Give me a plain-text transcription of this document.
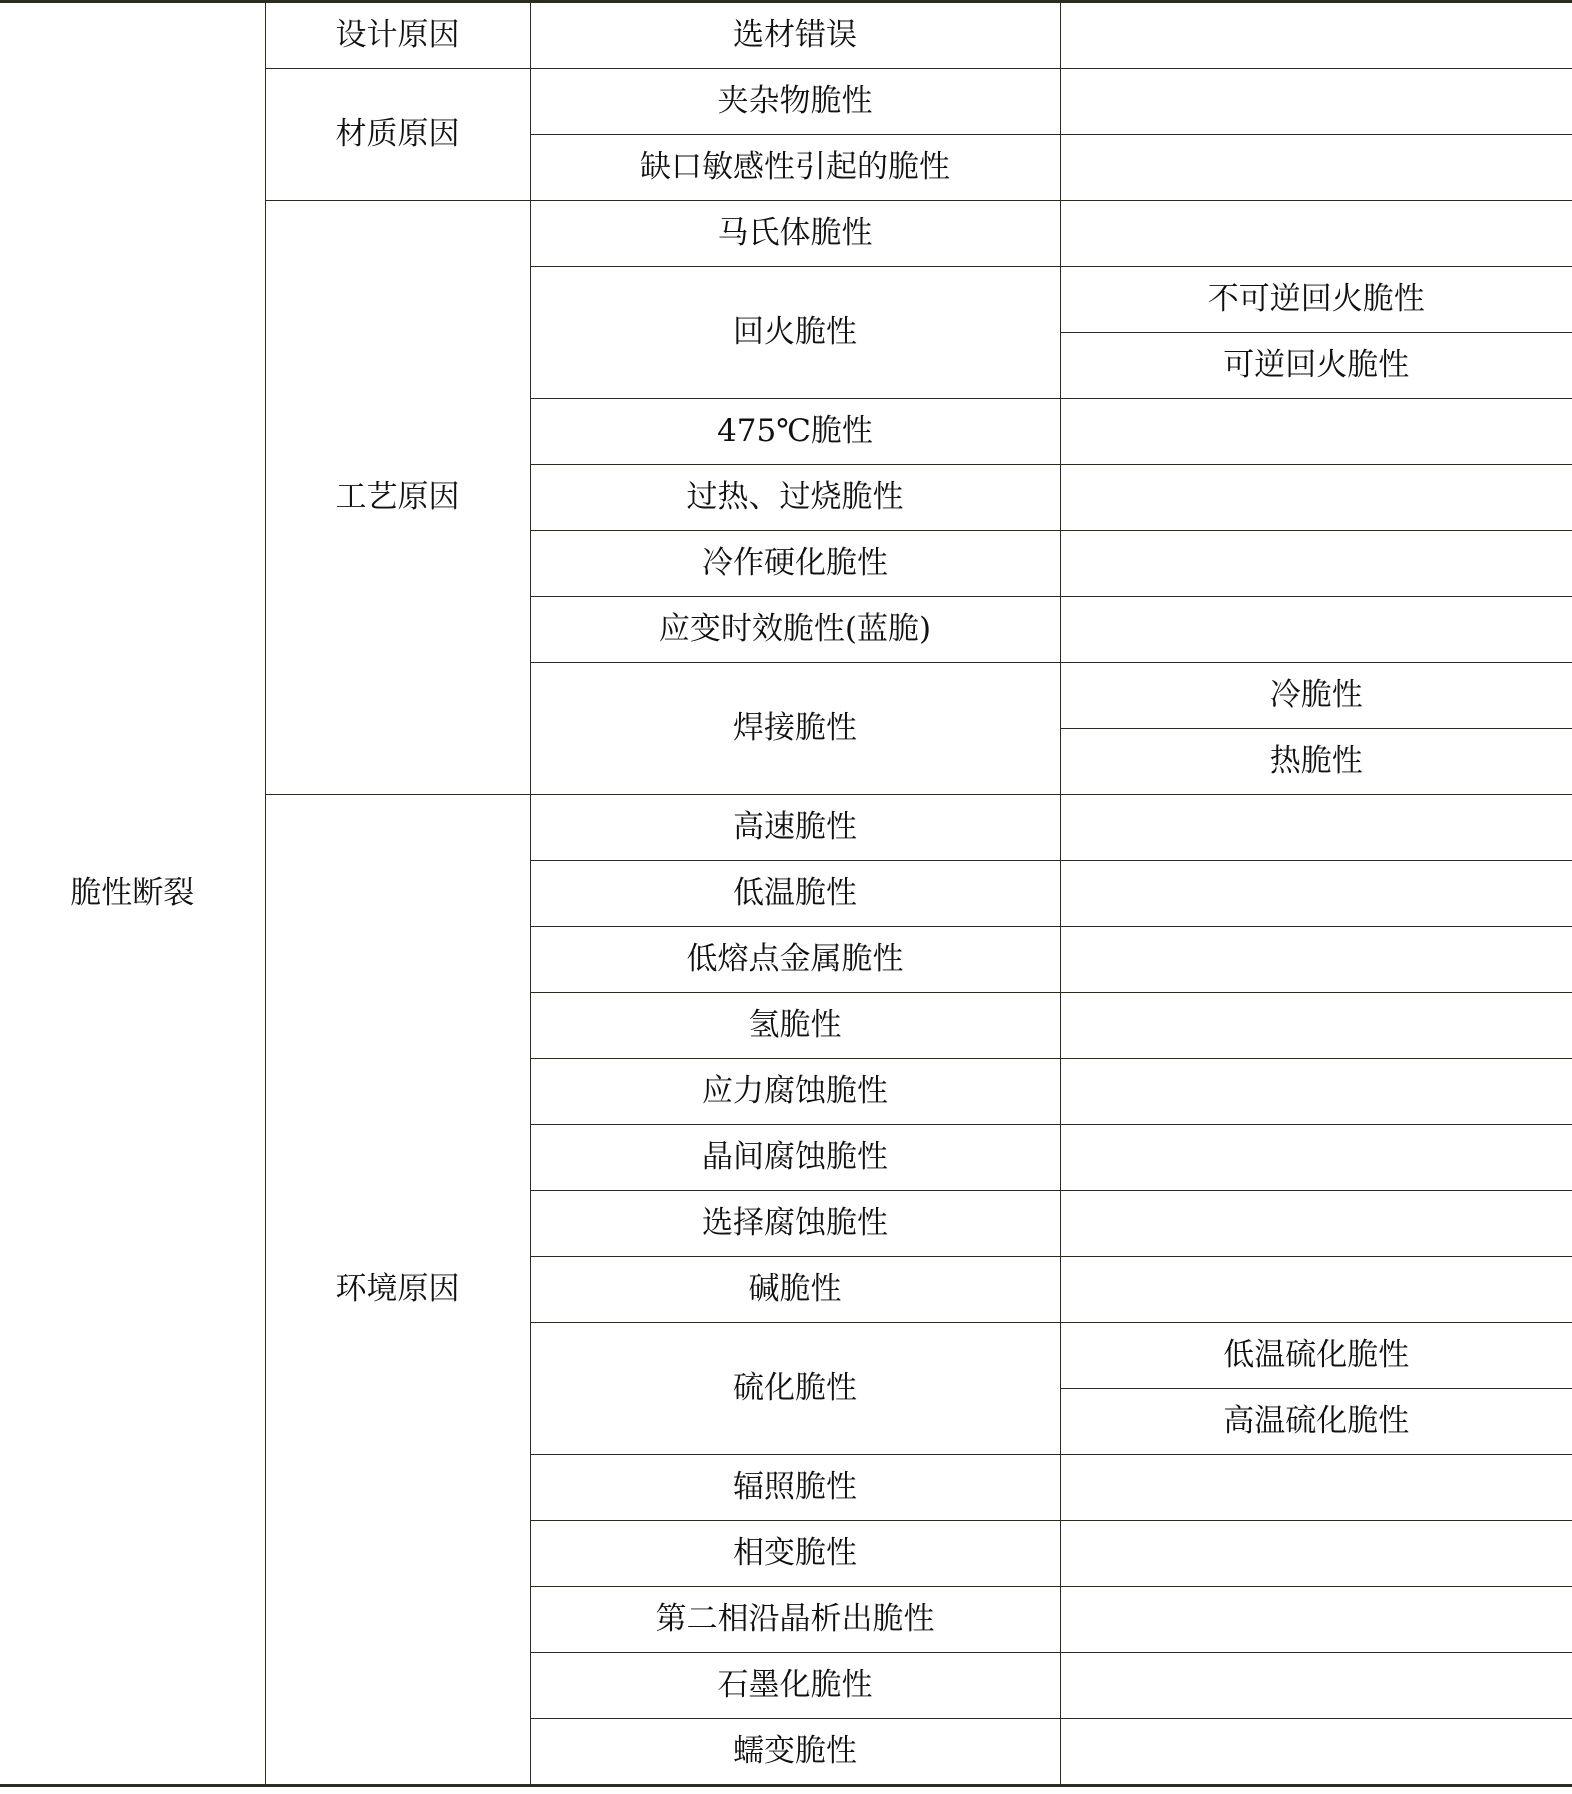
脆性断裂	设计原因	选材错误	
	材质原因	夹杂物脆性	
		缺口敏感性引起的脆性	
	工艺原因	马氏体脆性	
		回火脆性	不可逆回火脆性
			可逆回火脆性
		475℃脆性	
		过热、过烧脆性	
		冷作硬化脆性	
		应变时效脆性(蓝脆)	
		焊接脆性	冷脆性
			热脆性
	环境原因	高速脆性	
		低温脆性	
		低熔点金属脆性	
		氢脆性	
		应力腐蚀脆性	
		晶间腐蚀脆性	
		选择腐蚀脆性	
		碱脆性	
		硫化脆性	低温硫化脆性
			高温硫化脆性
		辐照脆性	
		相变脆性	
		第二相沿晶析出脆性	
		石墨化脆性	
		蠕变脆性	
